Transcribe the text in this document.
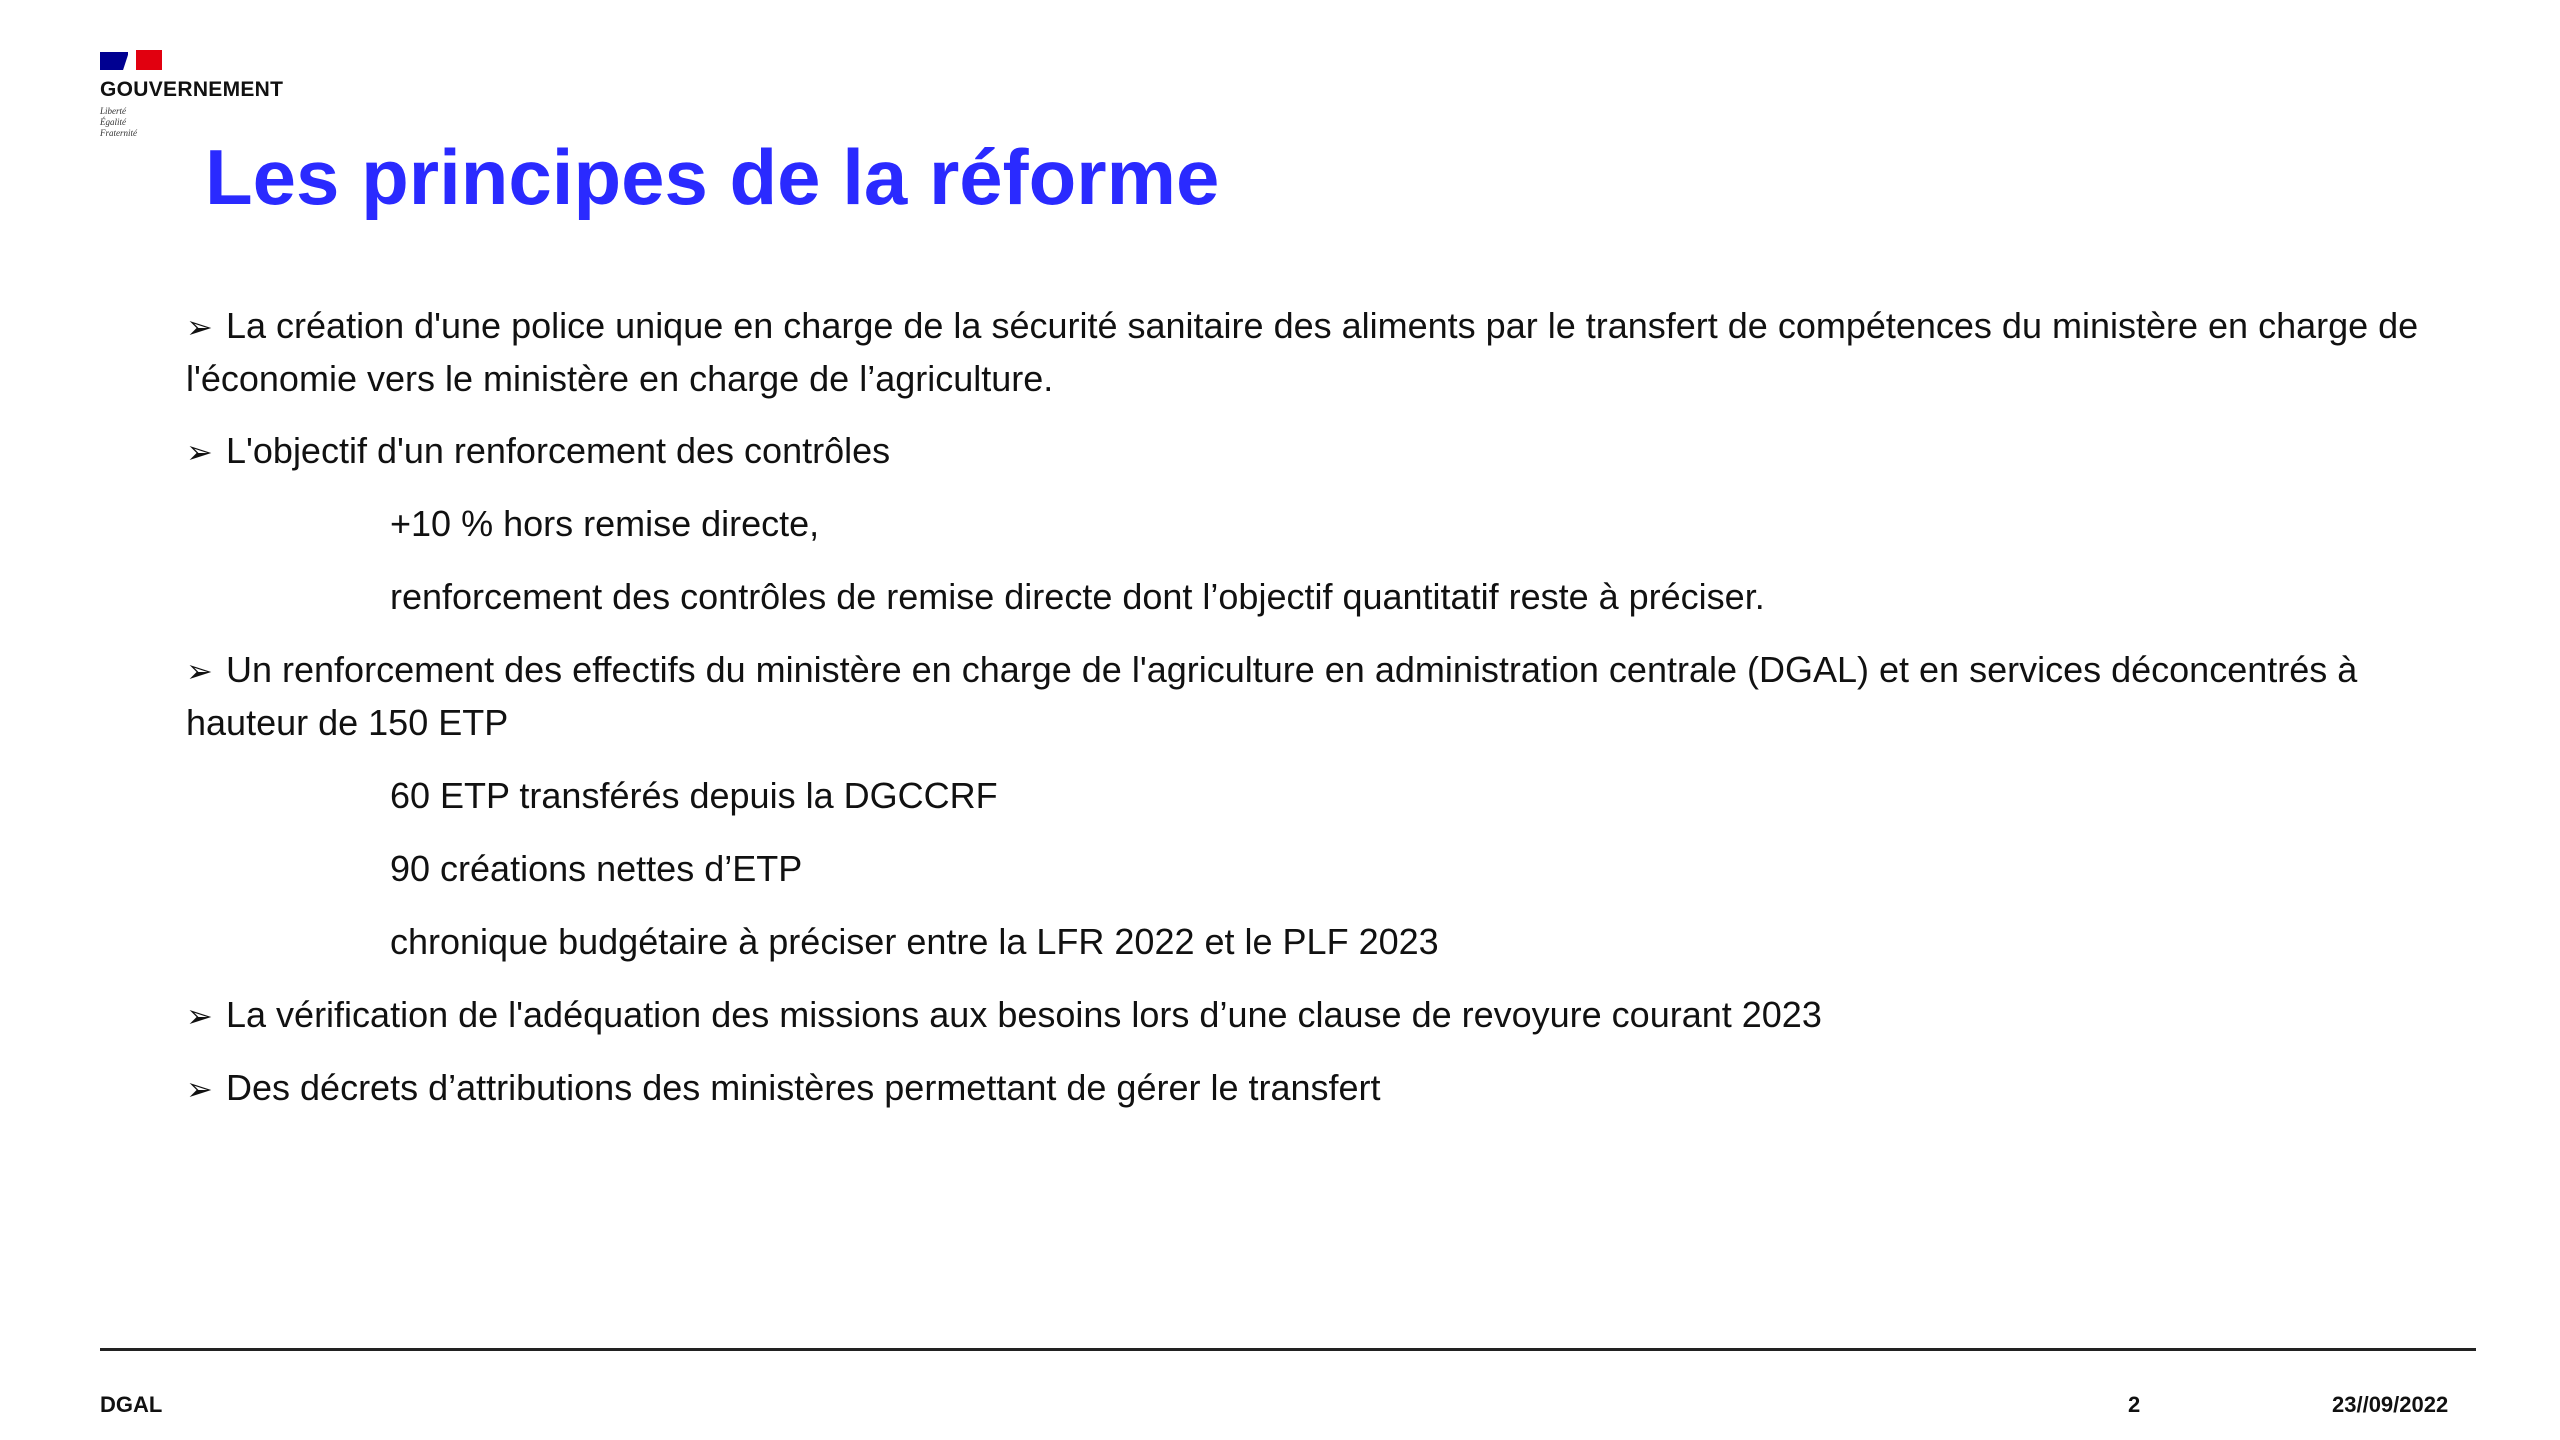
GOUVERNEMENT
Liberté
Égalité
Fraternité Les principes de la réforme
➢ La création d'une police unique en charge de la sécurité sanitaire des aliments par le transfert de compétences du ministère en charge de l'économie vers le ministère en charge de l’agriculture.
➢ L'objectif d'un renforcement des contrôles
+10 % hors remise directe,
renforcement des contrôles de remise directe dont l’objectif quantitatif reste à préciser.
➢ Un renforcement des effectifs du ministère en charge de l'agriculture en administration centrale (DGAL) et en services déconcentrés à hauteur de 150 ETP
60 ETP transférés depuis la DGCCRF
90 créations nettes d’ETP
chronique budgétaire à préciser entre la LFR 2022 et le PLF 2023
➢ La vérification de l'adéquation des missions aux besoins lors d’une clause de revoyure courant 2023
➢ Des décrets d’attributions des ministères permettant de gérer le transfert
DGAL	2	23//09/2022
